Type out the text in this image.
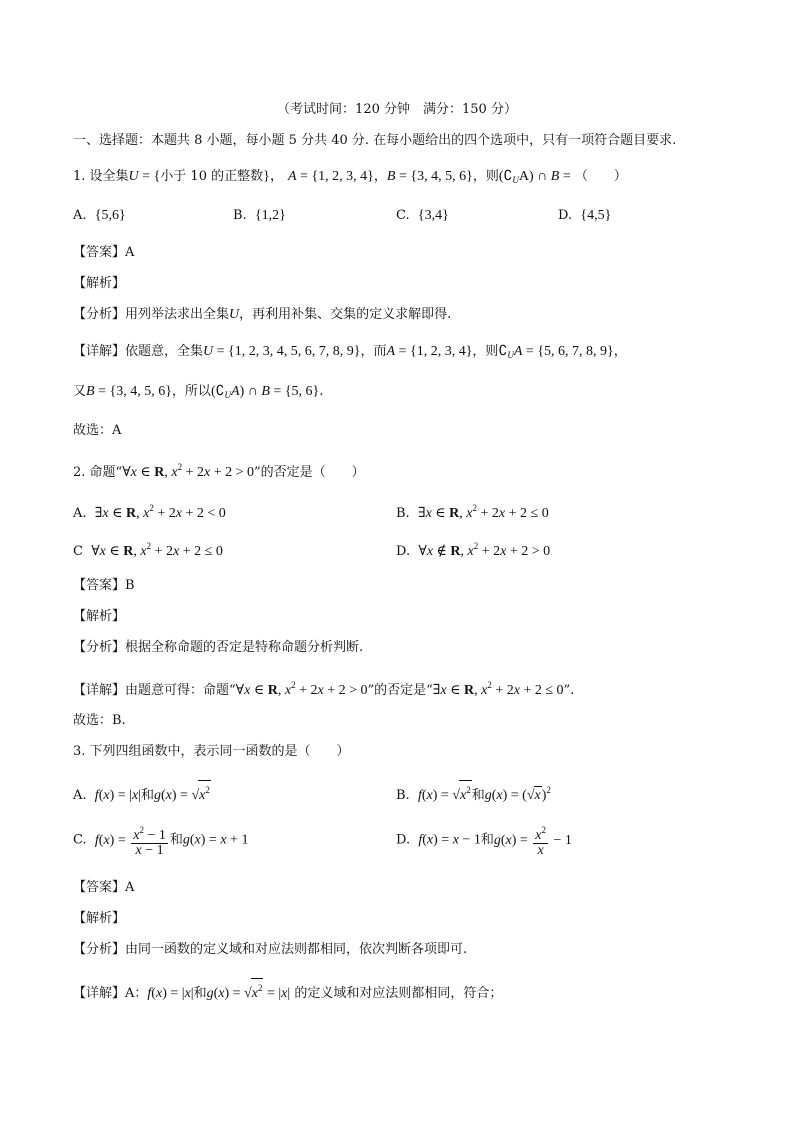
（考试时间：120 分钟　满分：150 分）
一、选择题：本题共 8 小题，每小题 5 分共 40 分. 在每小题给出的四个选项中，只有一项符合题目要求.
1. 设全集U = {小于 10 的正整数}， A = {1, 2, 3, 4}，B = {3, 4, 5, 6}，则$(∁_UA)$ ∩ B = （　　）
A. {5,6}	B. {1,2}	C. {3,4}	D. {4,5}
【答案】A
【解析】
【分析】用列举法求出全集U，再利用补集、交集的定义求解即得.
【详解】依题意，全集U = {1, 2, 3, 4, 5, 6, 7, 8, 9}，而A = {1, 2, 3, 4}，则$∁_UA = \{5$, 6, 7, 8, 9}，
又B = {3, 4, 5, 6}，所以$(∁_UA)$ ∩ B = {5, 6}.
故选：A
2. 命题“∀x ∈ R, $x^2 + 2x + 2 > 0$”的否定是（　　）
A. ∃x ∈ R, $x^2 + 2x + 2 < 0$	B. ∃x ∈ R, $x^2 + 2x + 2 \le 0$
C ∀x ∈ R, $x^2 + 2x + 2 \le 0$	D. ∀x ∉ R, $x^2 + 2x + 2 > 0$
【答案】B
【解析】
【分析】根据全称命题的否定是特称命题分析判断.
【详解】由题意可得：命题“∀x ∈ R, $x^2 + 2x + 2 > 0$”的否定是“∃x ∈ R, $x^2 + 2x + 2 \le 0$”.
故选：B.
3. 下列四组函数中，表示同一函数的是（　　）
A. f(x) = |x|和$g(x) = √x^2$	B. $f(x) = √x^2$和$g(x) = (√x)^2$
C. $f(x) = \frac{x^2 - 1}{x - 1}$ 和g(x) = x + 1	D. f(x) = x − 1和$g(x) = \frac{x^2}{x} - 1$
【答案】A
【解析】
【分析】由同一函数的定义域和对应法则都相同，依次判断各项即可.
【详解】A：f(x) = |x|和$g(x) = √x^2 = |x|$ 的定义域和对应法则都相同，符合；
